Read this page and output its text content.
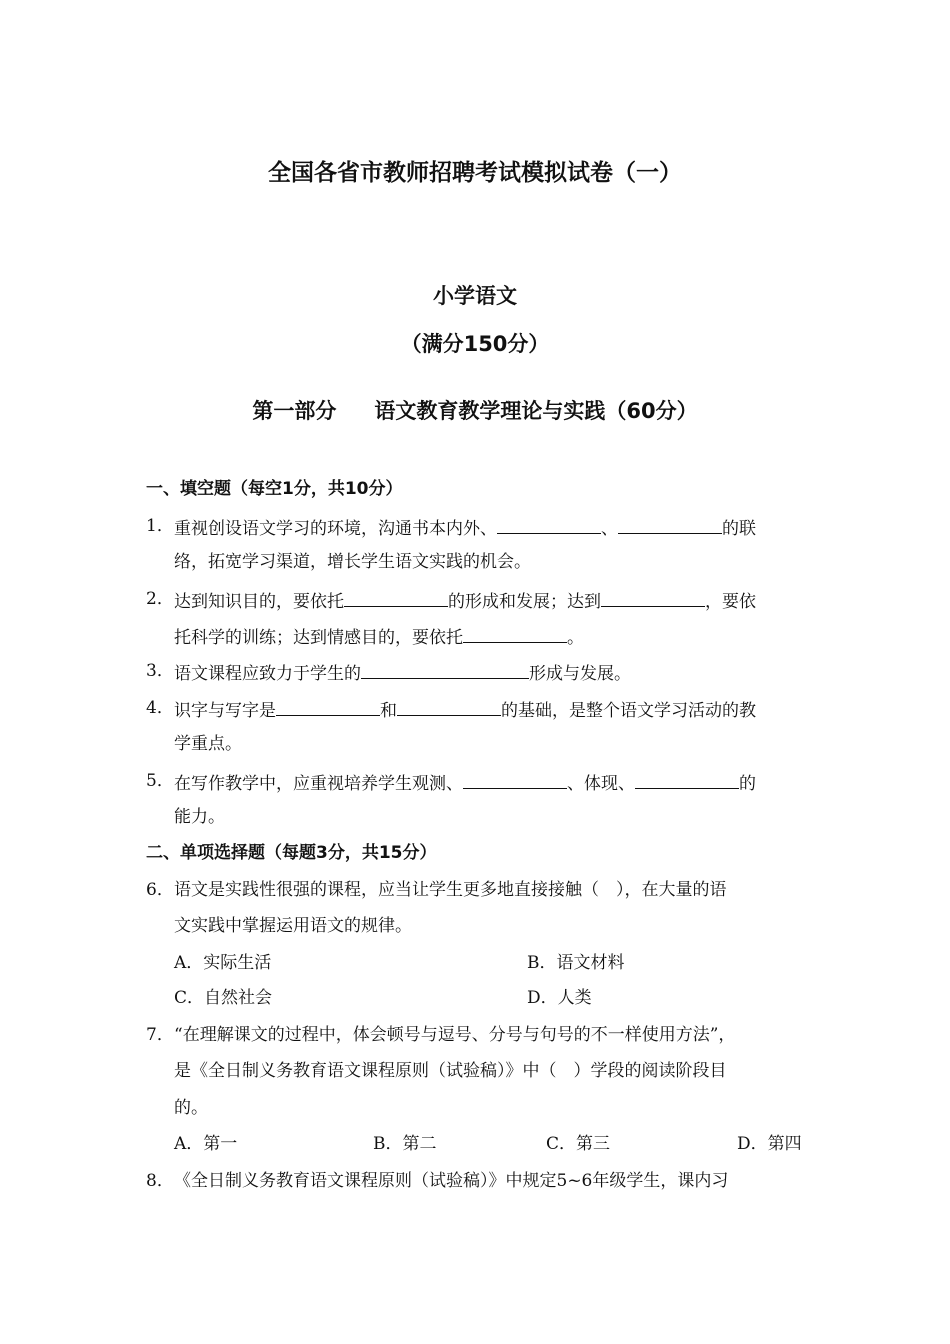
全国各省市教师招聘考试模拟试卷（一）
小学语文
（满分150分）
第一部分 语文教育教学理论与实践（60分）
一、填空题（每空1分，共10分）
1． 重视创设语文学习的环境，沟通书本内外、	、	的联
络，拓宽学习渠道，增长学生语文实践的机会。
2． 达到知识目的，要依托	的形成和发展；达到	，要依
托科学的训练；达到情感目的，要依托	。
3． 语文课程应致力于学生的	形成与发展。
4． 识字与写字是	和	的基础，是整个语文学习活动的教
学重点。
5． 在写作教学中，应重视培养学生观测、	、体现、	的
能力。
二、单项选择题（每题3分，共15分）
6． 语文是实践性很强的课程，应当让学生更多地直接接触（　），在大量的语
文实践中掌握运用语文的规律。
A．实际生活	B．语文材料
C．自然社会	D．人类
7． “在理解课文的过程中，体会顿号与逗号、分号与句号的不一样使用方法”，
是《全日制义务教育语文课程原则（试验稿）》中（　）学段的阅读阶段目
的。
A．第一	B．第二	C．第三	D．第四
8． 《全日制义务教育语文课程原则（试验稿）》中规定5~6年级学生，课内习
